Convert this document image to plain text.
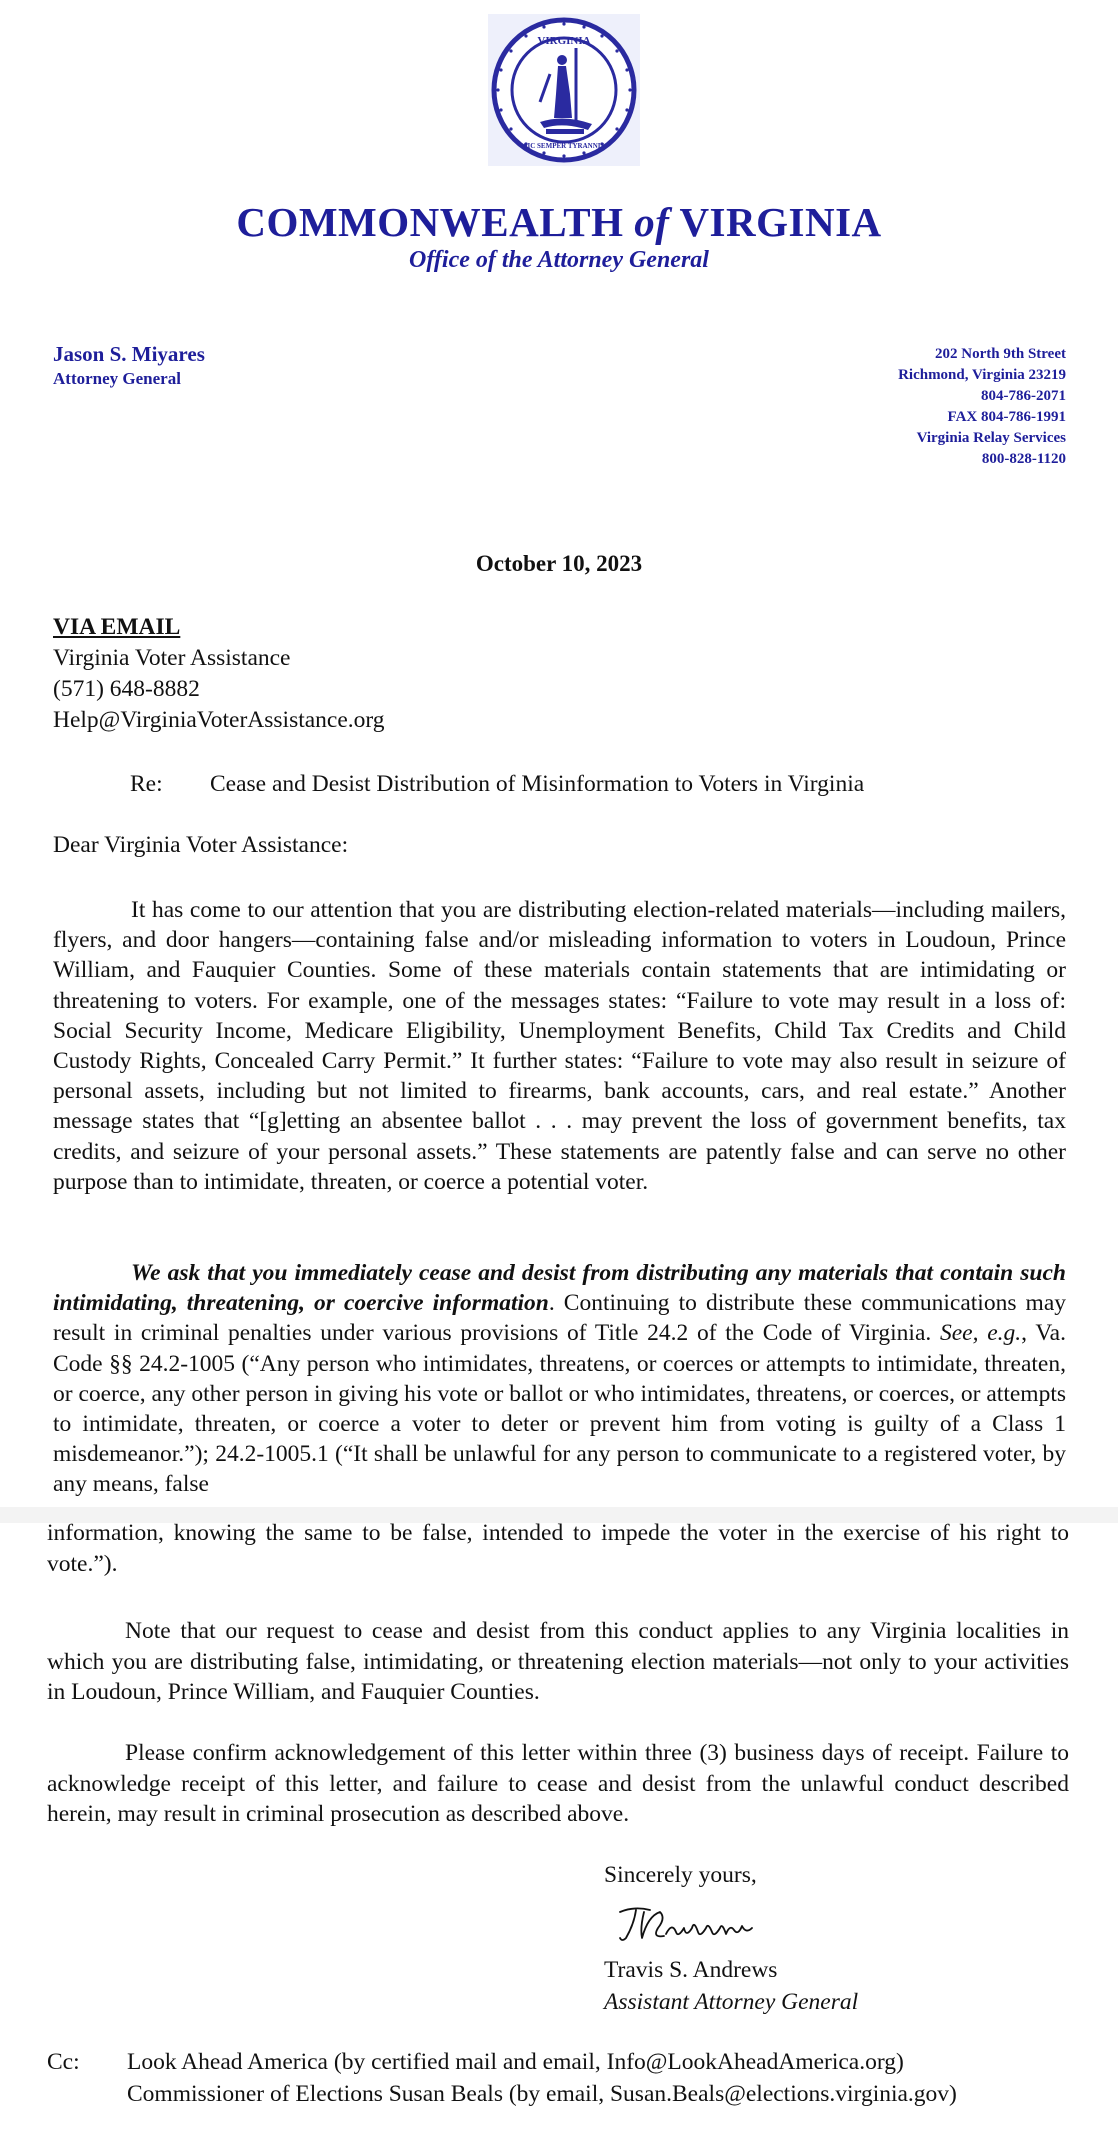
VIRGINIA
SIC SEMPER TYRANNIS
COMMONWEALTH of VIRGINIA
Office of the Attorney General
Jason S. Miyares
Attorney General
202 North 9th Street
Richmond, Virginia 23219
804-786-2071
FAX 804-786-1991
Virginia Relay Services
800-828-1120
October 10, 2023
VIA EMAIL
Virginia Voter Assistance
(571) 648-8882
Help@VirginiaVoterAssistance.org
Re: Cease and Desist Distribution of Misinformation to Voters in Virginia
Dear Virginia Voter Assistance:
It has come to our attention that you are distributing election-related materials—including mailers, flyers, and door hangers—containing false and/or misleading information to voters in Loudoun, Prince William, and Fauquier Counties. Some of these materials contain statements that are intimidating or threatening to voters. For example, one of the messages states: “Failure to vote may result in a loss of: Social Security Income, Medicare Eligibility, Unemployment Benefits, Child Tax Credits and Child Custody Rights, Concealed Carry Permit.” It further states: “Failure to vote may also result in seizure of personal assets, including but not limited to firearms, bank accounts, cars, and real estate.” Another message states that “[g]etting an absentee ballot . . . may prevent the loss of government benefits, tax credits, and seizure of your personal assets.” These statements are patently false and can serve no other purpose than to intimidate, threaten, or coerce a potential voter.
We ask that you immediately cease and desist from distributing any materials that contain such intimidating, threatening, or coercive information. Continuing to distribute these communications may result in criminal penalties under various provisions of Title 24.2 of the Code of Virginia. See, e.g., Va. Code §§ 24.2-1005 (“Any person who intimidates, threatens, or coerces or attempts to intimidate, threaten, or coerce, any other person in giving his vote or ballot or who intimidates, threatens, or coerces, or attempts to intimidate, threaten, or coerce a voter to deter or prevent him from voting is guilty of a Class 1 misdemeanor.”); 24.2-1005.1 (“It shall be unlawful for any person to communicate to a registered voter, by any means, false
information, knowing the same to be false, intended to impede the voter in the exercise of his right to vote.”).
Note that our request to cease and desist from this conduct applies to any Virginia localities in which you are distributing false, intimidating, or threatening election materials—not only to your activities in Loudoun, Prince William, and Fauquier Counties.
Please confirm acknowledgement of this letter within three (3) business days of receipt. Failure to acknowledge receipt of this letter, and failure to cease and desist from the unlawful conduct described herein, may result in criminal prosecution as described above.
Sincerely yours,
Travis S. Andrews
Assistant Attorney General
Cc: Look Ahead America (by certified mail and email, Info@LookAheadAmerica.org)
Commissioner of Elections Susan Beals (by email, Susan.Beals@elections.virginia.gov)
